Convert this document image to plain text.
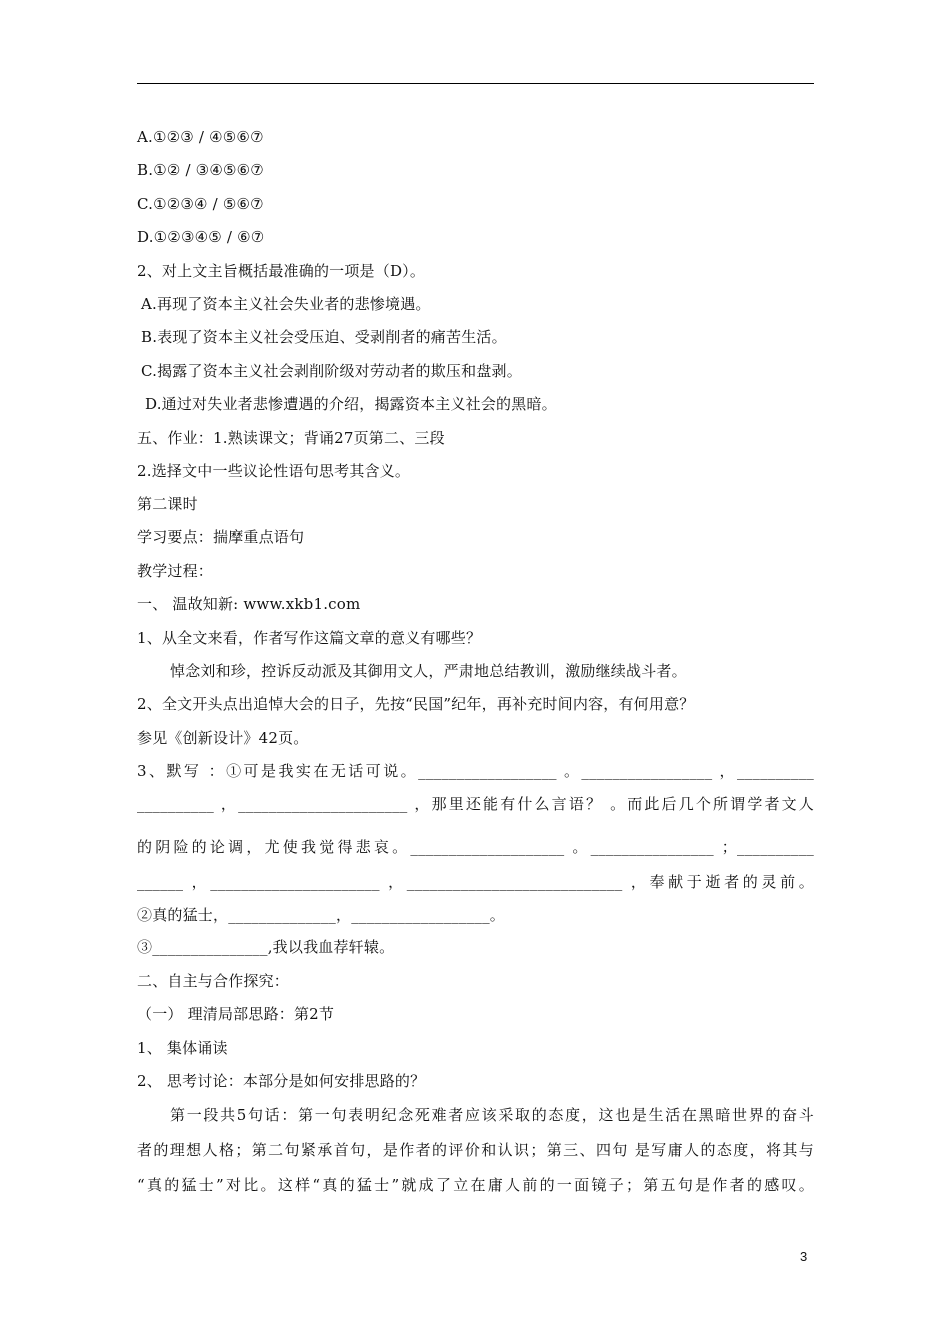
A.①②③ / ④⑤⑥⑦
B.①② / ③④⑤⑥⑦
C.①②③④ / ⑤⑥⑦
D.①②③④⑤ / ⑥⑦
2、对上文主旨概括最准确的一项是（D）。
A.再现了资本主义社会失业者的悲惨境遇。
B.表现了资本主义社会受压迫、受剥削者的痛苦生活。
C.揭露了资本主义社会剥削阶级对劳动者的欺压和盘剥。
D.通过对失业者悲惨遭遇的介绍，揭露资本主义社会的黑暗。
五、作业：1.熟读课文；背诵27页第二、三段
2.选择文中一些议论性语句思考其含义。
第二课时
学习要点：揣摩重点语句
教学过程：
一、 温故知新: www.xkb1.com
1、从全文来看，作者写作这篇文章的意义有哪些？
悼念刘和珍，控诉反动派及其御用文人，严肃地总结教训，激励继续战斗者。
2、全文开头点出追悼大会的日子，先按“民国”纪年，再补充时间内容，有何用意？
参见《创新设计》42页。
3、默写 ：①可是我实在无话可说。__________________ 。_________________ ，__________
__________ ，______________________ ，那里还能有什么言语？ 。而此后几个所谓学者文人
的阴险的论调，尤使我觉得悲哀。____________________ 。________________ ；__________
______ ，______________________ ，____________________________ ，奉献于逝者的灵前。
②真的猛士，______________，__________________。
③_______________,我以我血荐轩辕。
二、自主与合作探究：
（一） 理清局部思路：第2节
1、 集体诵读
2、 思考讨论：本部分是如何安排思路的？
第一段共5句话：第一句表明纪念死难者应该采取的态度，这也是生活在黑暗世界的奋斗
者的理想人格；第二句紧承首句，是作者的评价和认识；第三、四句 是写庸人的态度，将其与
“真的猛士”对比。这样“真的猛士”就成了立在庸人前的一面镜子；第五句是作者的感叹。
3
